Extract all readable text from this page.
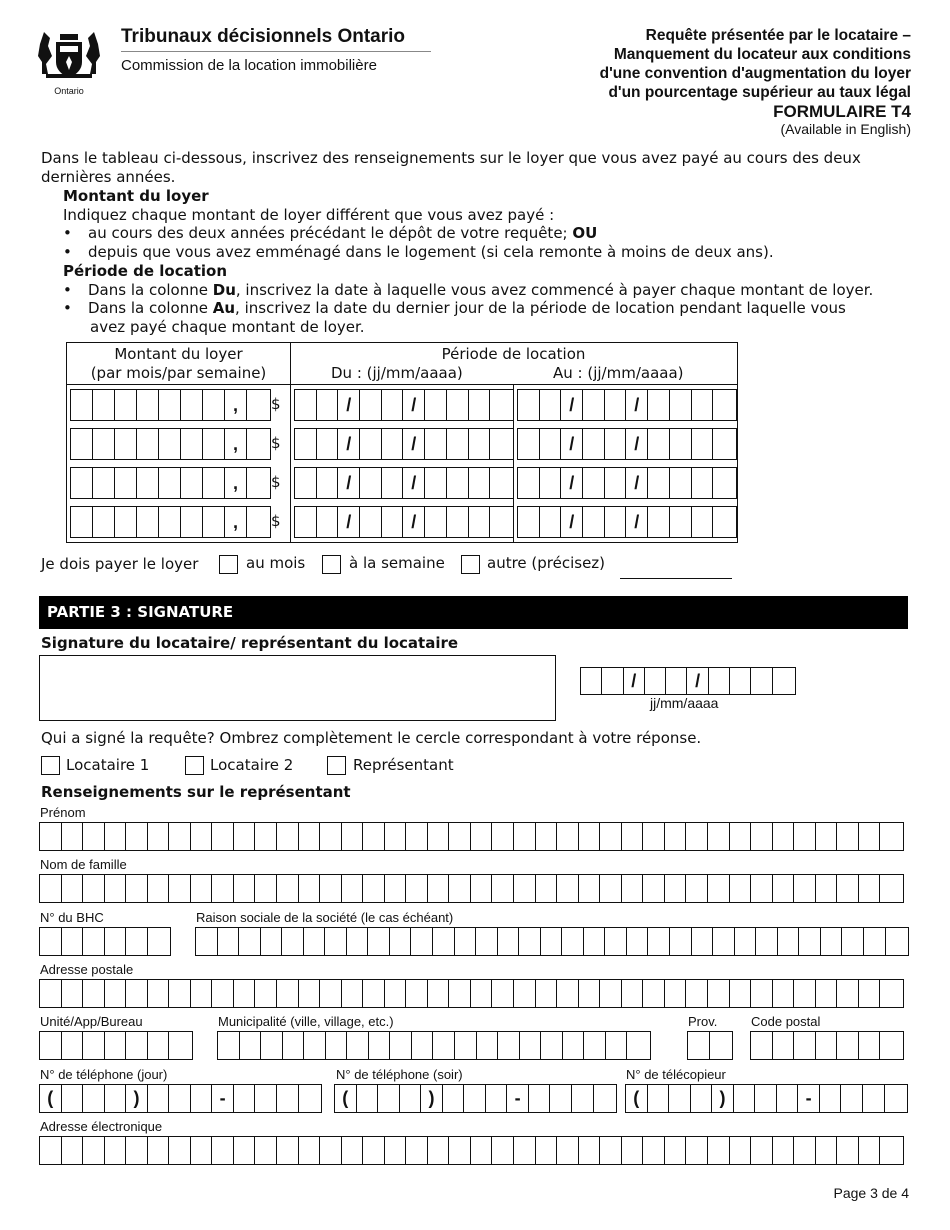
Ontario
Tribunaux décisionnels Ontario
Commission de la location immobilière
Requête présentée par le locataire –
Manquement du locateur aux conditions
d'une convention d'augmentation du loyer
d'un pourcentage supérieur au taux légal
FORMULAIRE T4
(Available in English)
Dans le tableau ci-dessous, inscrivez des renseignements sur le loyer que vous avez payé au cours des deux
dernières années.
Montant du loyer
Indiquez chaque montant de loyer différent que vous avez payé :
• au cours des deux années précédant le dépôt de votre requête; OU
• depuis que vous avez emménagé dans le logement (si cela remonte à moins de deux ans).
Période de location
• Dans la colonne Du, inscrivez la date à laquelle vous avez commencé à payer chaque montant de loyer.
• Dans la colonne Au, inscrivez la date du dernier jour de la période de location pendant laquelle vous
avez payé chaque montant de loyer.
Montant du loyer
(par mois/par semaine)
Période de location
Du : (jj/mm/aaaa)	Au : (jj/mm/aaaa)
, $	/	/	/	/
, $	/	/	/	/
, $	/	/	/	/
, $	/	/	/	/
Je dois payer le loyer	au mois	à la semaine	autre (précisez)
PARTIE 3 : SIGNATURE
Signature du locataire/ représentant du locataire
/	/
jj/mm/aaaa
Qui a signé la requête? Ombrez complètement le cercle correspondant à votre réponse.
Locataire 1	Locataire 2	Représentant
Renseignements sur le représentant
Prénom
Nom de famille
N° du BHC	Raison sociale de la société (le cas échéant)
Adresse postale
Unité/App/Bureau	Municipalité (ville, village, etc.)	Prov.	Code postal
N° de téléphone (jour)	N° de téléphone (soir)	N° de télécopieur
Adresse électronique
(	)	-	(	)	-	(	)	-
Page 3 de 4
